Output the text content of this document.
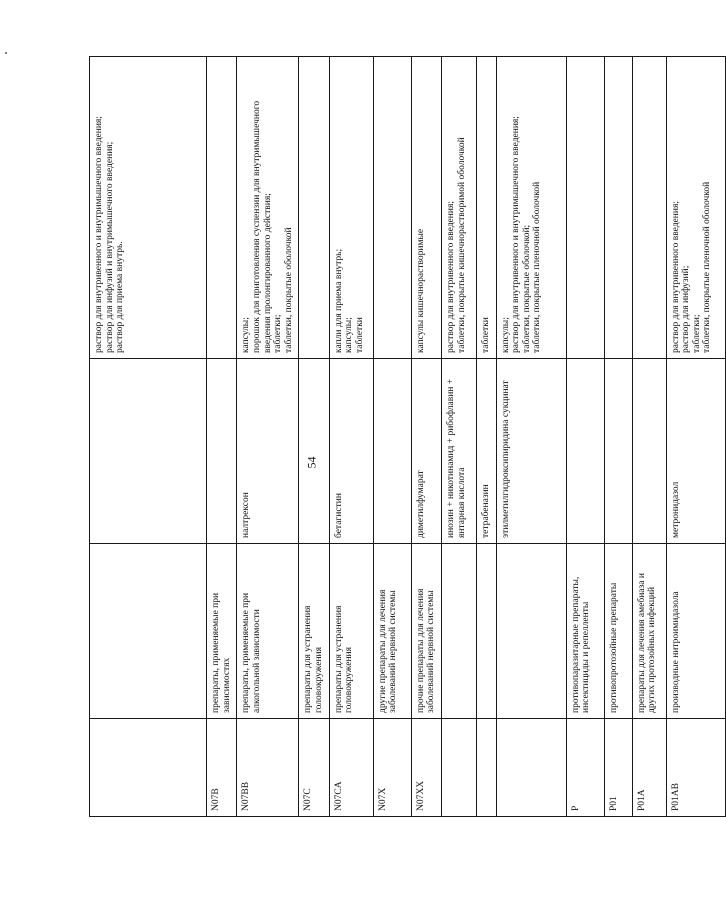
54

			раствор для внутривенного и внутримышечного введения; раствор для инфузий и внутримышечного введения; раствор для приема внутрь.

N07B	препараты, применяемые при зависимостях		
N07BB	препараты, применяемые при алкогольной зависимости	налтрексон	капсулы; порошок для приготовления суспензии для внутримышечного введения пролонгированного действия; таблетки; таблетки, покрытые оболочкой

N07C	препараты для устранения головокружения		
N07CA	препараты для устранения головокружения	бетагистин	капли для приема внутрь; капсулы; таблетки

N07X	другие препараты для лечения заболеваний нервной системы		
N07XX	прочие препараты для лечения заболеваний нервной системы	диметилфумарат	капсулы кишечнорастворимые

		инозин + никотинамид + рибофлавин + янтарная кислота	раствор для внутривенного введения; таблетки, покрытые кишечнорастворимой оболочкой

		тетрабеназин	таблетки

		этилметилгидроксипиридина сукцинат	капсулы; раствор для внутривенного и внутримышечного введения; таблетки, покрытые оболочкой; таблетки, покрытые пленочной оболочкой

P	противопаразитарные препараты, инсектициды и репелленты		
P01	противопротозойные препараты		
P01A	препараты для лечения амебиаза и других протозойных инфекций		
P01AB	производные нитроимидазола	метронидазол	раствор для внутривенного введения; раствор для инфузий; таблетки; таблетки, покрытые пленочной оболочкой
